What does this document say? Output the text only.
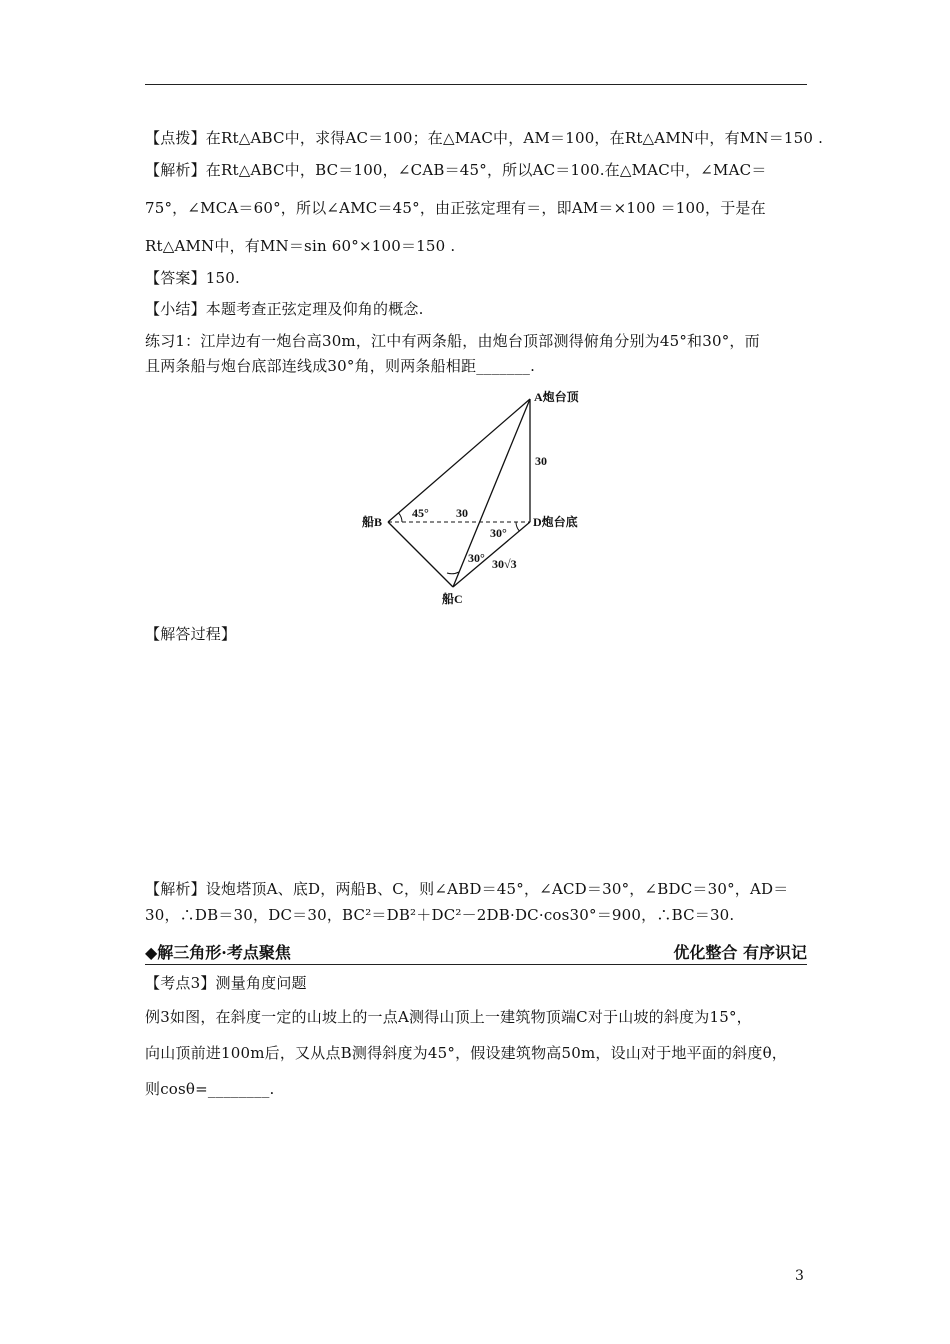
【点拨】在Rt△ABC中，求得AC＝100；在△MAC中，AM＝100，在Rt△AMN中，有MN＝150 .
【解析】在Rt△ABC中，BC＝100，∠CAB＝45°，所以AC＝100.在△MAC中，∠MAC＝
75°，∠MCA＝60°，所以∠AMC＝45°，由正弦定理有＝，即AM＝×100 ＝100，于是在
Rt△AMN中，有MN＝sin 60°×100＝150 .
【答案】150.
【小结】本题考查正弦定理及仰角的概念.
练习1：江岸边有一炮台高30m，江中有两条船，由炮台顶部测得俯角分别为45°和30°，而
且两条船与炮台底部连线成30°角，则两条船相距_______.
A炮台顶
船B
船C
D炮台底
30
30
30√3
45°
30°
30°
【解答过程】
【解析】设炮塔顶A、底D，两船B、C，则∠ABD＝45°，∠ACD＝30°，∠BDC＝30°，AD＝
30，∴DB＝30，DC＝30，BC²＝DB²＋DC²－2DB·DC·cos30°＝900，∴BC＝30.
◆解三角形·考点聚焦	优化整合 有序识记
【考点3】测量角度问题
例3如图，在斜度一定的山坡上的一点A测得山顶上一建筑物顶端C对于山坡的斜度为15°，
向山顶前进100m后，又从点B测得斜度为45°，假设建筑物高50m，设山对于地平面的斜度θ，
则cosθ=________.
3
